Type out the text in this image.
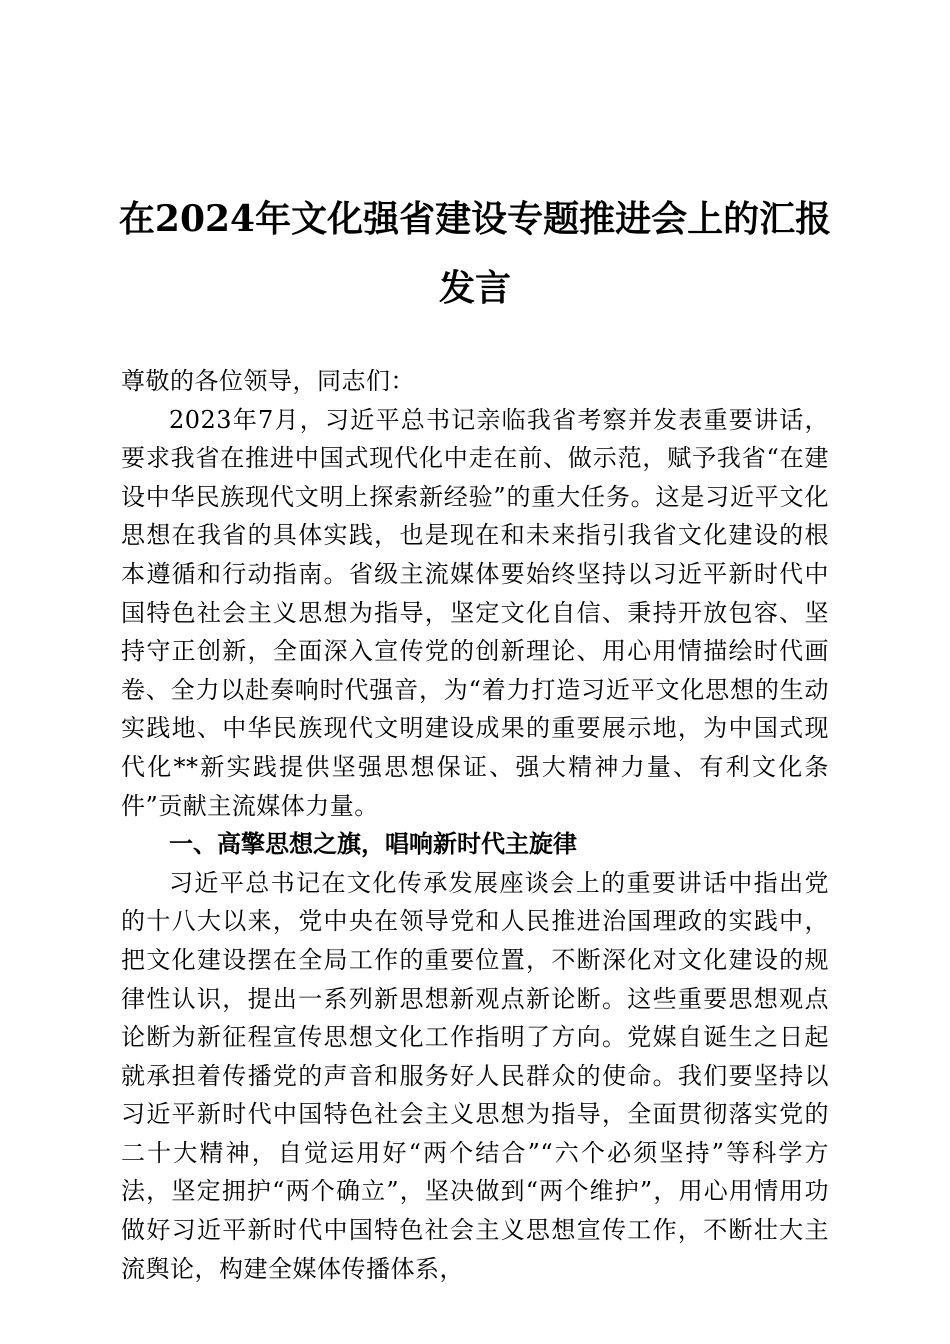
在2024年文化强省建设专题推进会上的汇报
发言

尊敬的各位领导，同志们：

2023年7月，习近平总书记亲临我省考察并发表重要讲话，要求我省在推进中国式现代化中走在前、做示范，赋予我省“在建设中华民族现代文明上探索新经验”的重大任务。这是习近平文化思想在我省的具体实践，也是现在和未来指引我省文化建设的根本遵循和行动指南。省级主流媒体要始终坚持以习近平新时代中国特色社会主义思想为指导，坚定文化自信、秉持开放包容、坚持守正创新，全面深入宣传党的创新理论、用心用情描绘时代画卷、全力以赴奏响时代强音，为“着力打造习近平文化思想的生动实践地、中华民族现代文明建设成果的重要展示地，为中国式现代化**新实践提供坚强思想保证、强大精神力量、有利文化条件”贡献主流媒体力量。

一、高擎思想之旗，唱响新时代主旋律

习近平总书记在文化传承发展座谈会上的重要讲话中指出党的十八大以来，党中央在领导党和人民推进治国理政的实践中，把文化建设摆在全局工作的重要位置，不断深化对文化建设的规律性认识，提出一系列新思想新观点新论断。这些重要思想观点论断为新征程宣传思想文化工作指明了方向。党媒自诞生之日起就承担着传播党的声音和服务好人民群众的使命。我们要坚持以习近平新时代中国特色社会主义思想为指导，全面贯彻落实党的二十大精神，自觉运用好“两个结合”“六个必须坚持”等科学方法，坚定拥护“两个确立”，坚决做到“两个维护”，用心用情用功做好习近平新时代中国特色社会主义思想宣传工作，不断壮大主流舆论，构建全媒体传播体系，
